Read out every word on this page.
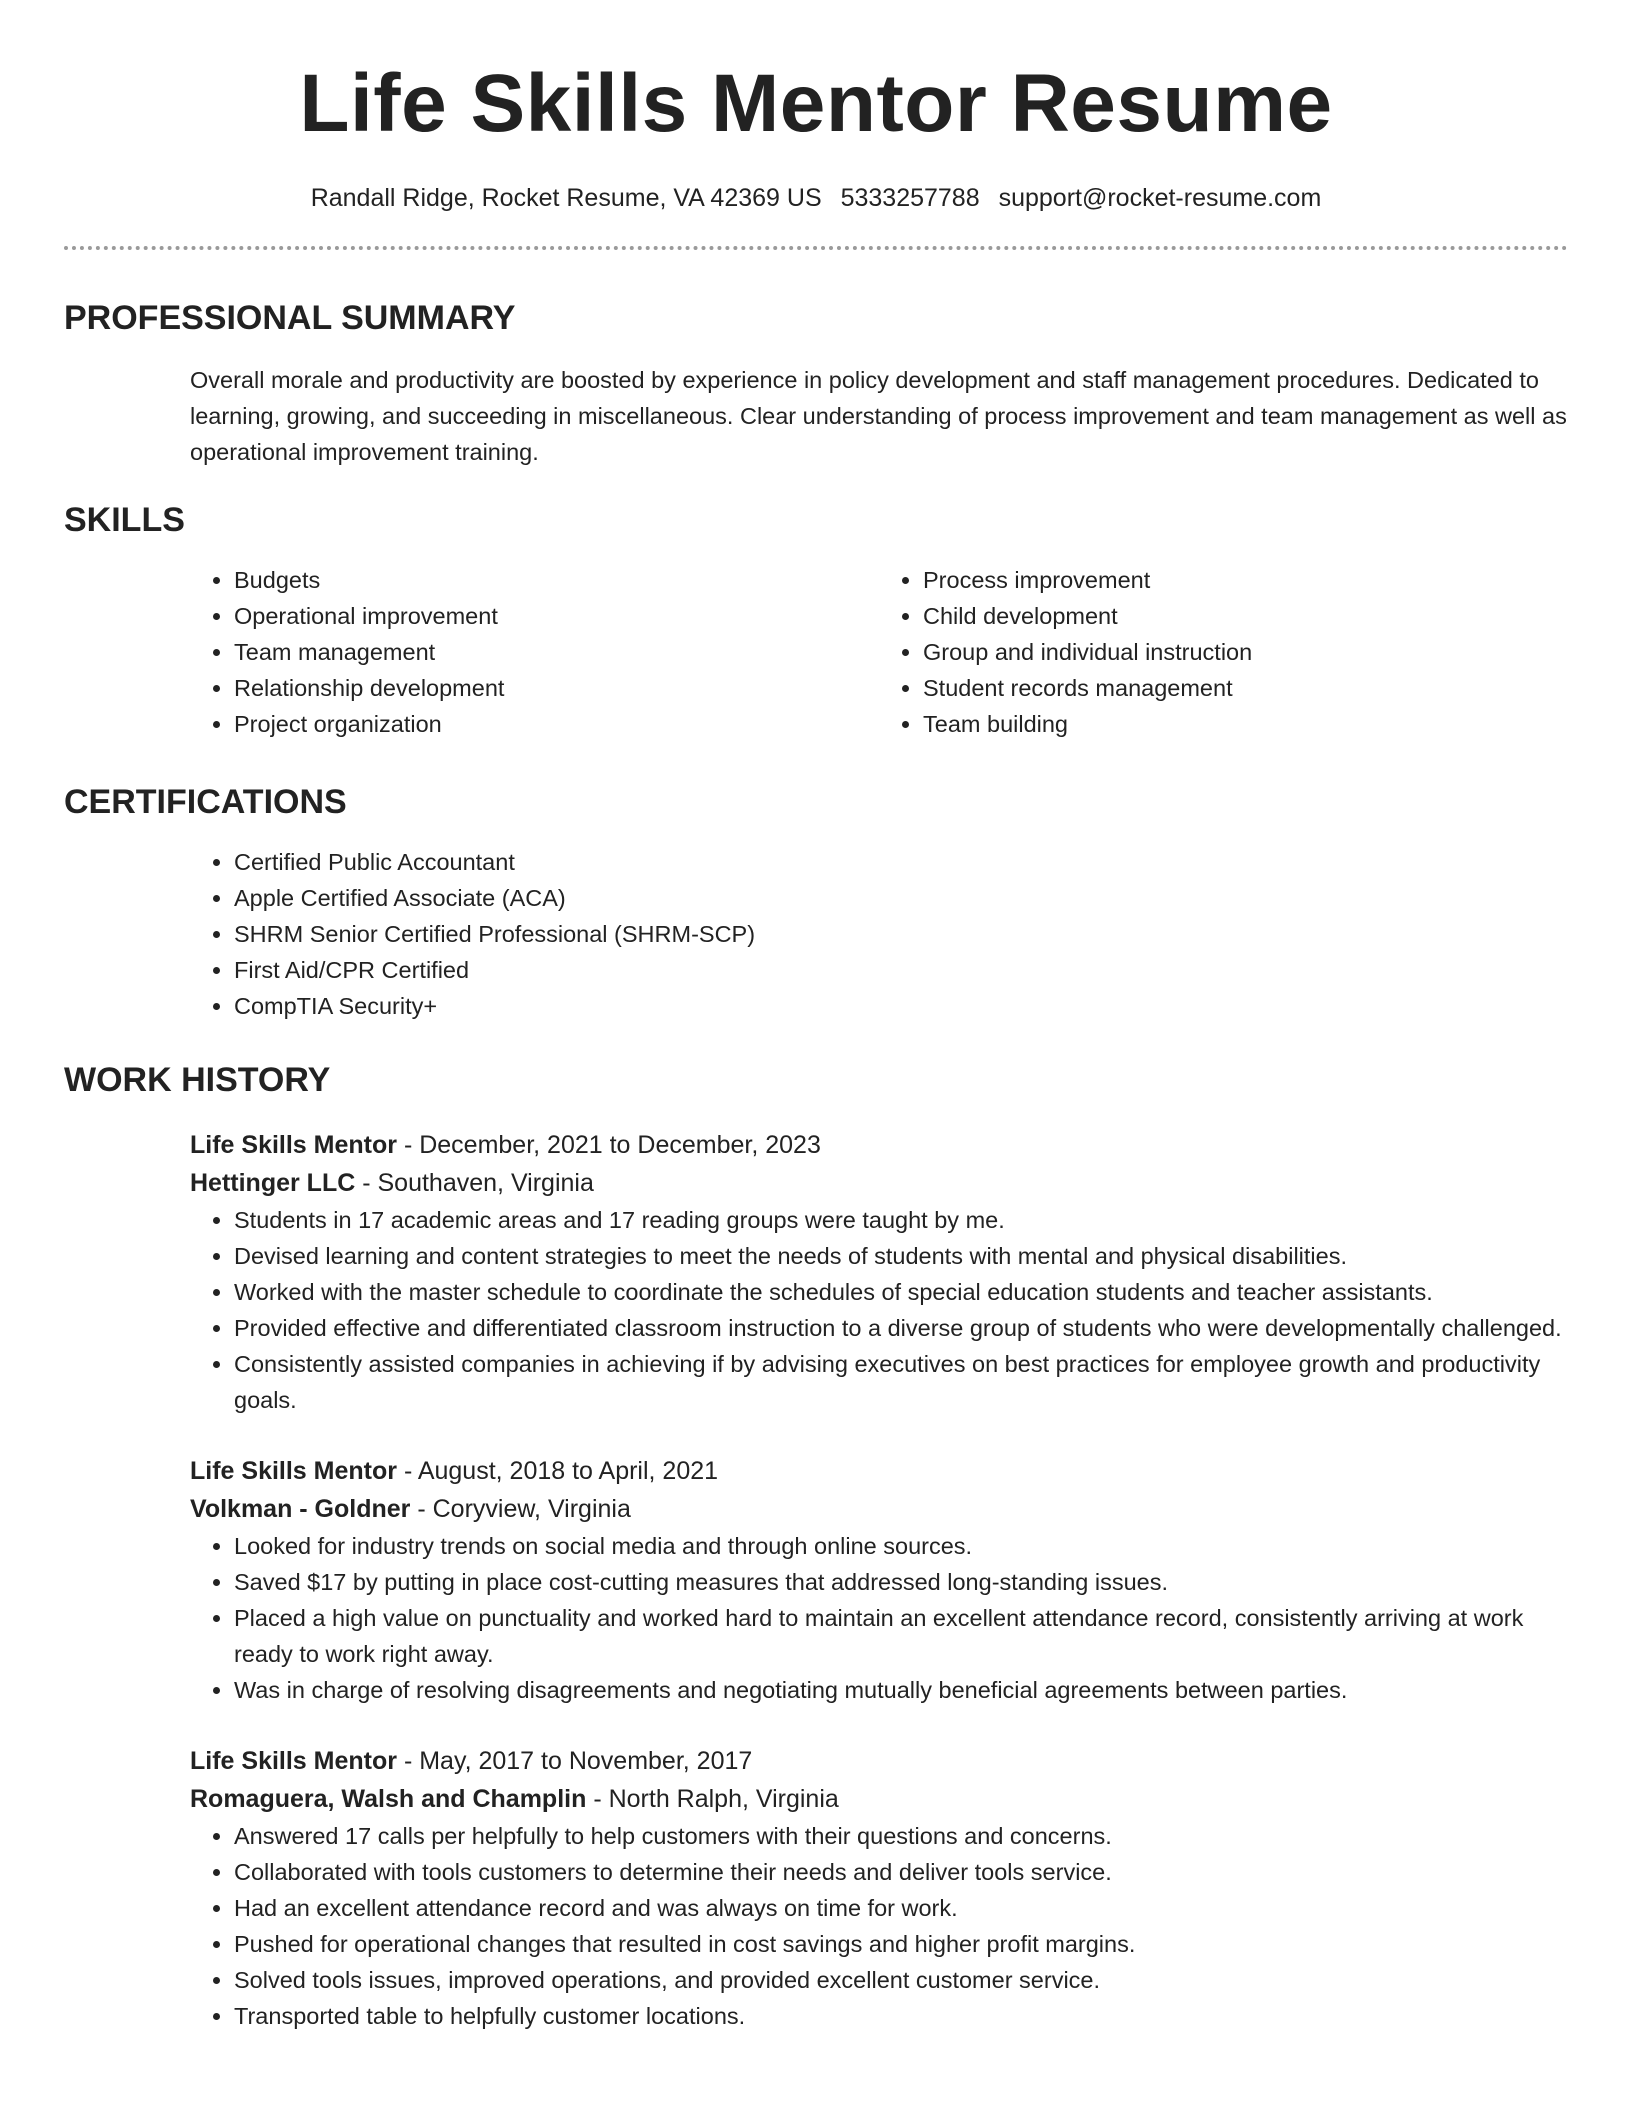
Life Skills Mentor Resume
Randall Ridge, Rocket Resume, VA 42369 US 5333257788 support@rocket-resume.com
PROFESSIONAL SUMMARY

Overall morale and productivity are boosted by experience in policy development and staff management procedures. Dedicated to learning, growing, and succeeding in miscellaneous. Clear understanding of process improvement and team management as well as operational improvement training.

SKILLS
• Budgets
• Operational improvement
• Team management
• Relationship development
• Project organization
• Process improvement
• Child development
• Group and individual instruction
• Student records management
• Team building
CERTIFICATIONS
• Certified Public Accountant
• Apple Certified Associate (ACA)
• SHRM Senior Certified Professional (SHRM-SCP)
• First Aid/CPR Certified
• CompTIA Security+
WORK HISTORY
Life Skills Mentor - December, 2021 to December, 2023
Hettinger LLC - Southaven, Virginia
• Students in 17 academic areas and 17 reading groups were taught by me.
• Devised learning and content strategies to meet the needs of students with mental and physical disabilities.
• Worked with the master schedule to coordinate the schedules of special education students and teacher assistants.
• Provided effective and differentiated classroom instruction to a diverse group of students who were developmentally challenged.
• Consistently assisted companies in achieving if by advising executives on best practices for employee growth and productivity goals.
Life Skills Mentor - August, 2018 to April, 2021
Volkman - Goldner - Coryview, Virginia
• Looked for industry trends on social media and through online sources.
• Saved $17 by putting in place cost-cutting measures that addressed long-standing issues.
• Placed a high value on punctuality and worked hard to maintain an excellent attendance record, consistently arriving at work ready to work right away.
• Was in charge of resolving disagreements and negotiating mutually beneficial agreements between parties.
Life Skills Mentor - May, 2017 to November, 2017
Romaguera, Walsh and Champlin - North Ralph, Virginia
• Answered 17 calls per helpfully to help customers with their questions and concerns.
• Collaborated with tools customers to determine their needs and deliver tools service.
• Had an excellent attendance record and was always on time for work.
• Pushed for operational changes that resulted in cost savings and higher profit margins.
• Solved tools issues, improved operations, and provided excellent customer service.
• Transported table to helpfully customer locations.
